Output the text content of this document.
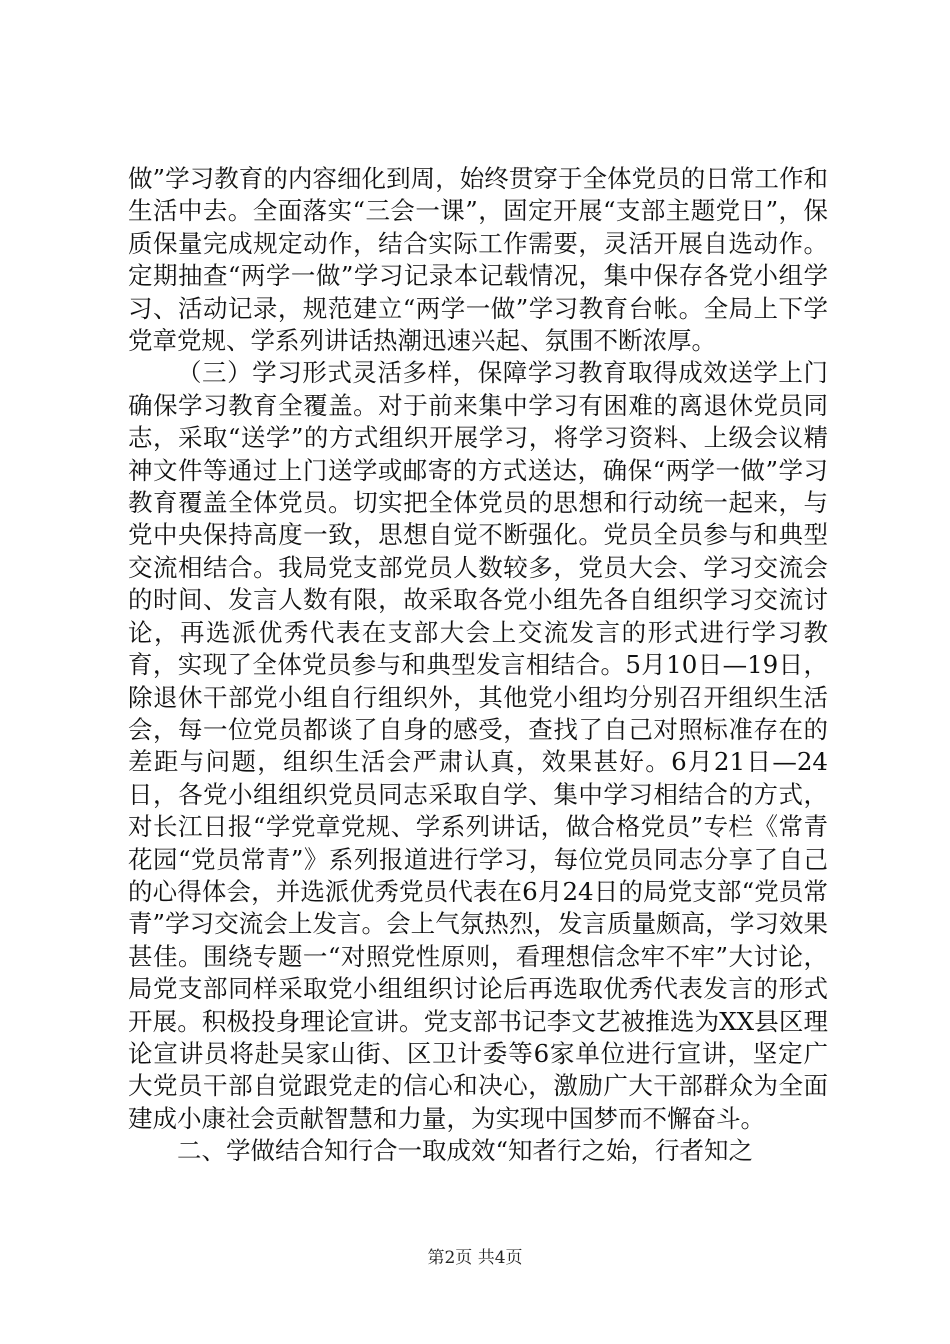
做”学习教育的内容细化到周，始终贯穿于全体党员的日常工作和生活中去。全面落实“三会一课”，固定开展“支部主题党日”，保质保量完成规定动作，结合实际工作需要，灵活开展自选动作。定期抽查“两学一做”学习记录本记载情况，集中保存各党小组学习、活动记录，规范建立“两学一做”学习教育台帐。全局上下学党章党规、学系列讲话热潮迅速兴起、氛围不断浓厚。

（三）学习形式灵活多样，保障学习教育取得成效送学上门确保学习教育全覆盖。对于前来集中学习有困难的离退休党员同志，采取“送学”的方式组织开展学习，将学习资料、上级会议精神文件等通过上门送学或邮寄的方式送达，确保“两学一做”学习教育覆盖全体党员。切实把全体党员的思想和行动统一起来，与党中央保持高度一致，思想自觉不断强化。党员全员参与和典型交流相结合。我局党支部党员人数较多，党员大会、学习交流会的时间、发言人数有限，故采取各党小组先各自组织学习交流讨论，再选派优秀代表在支部大会上交流发言的形式进行学习教育，实现了全体党员参与和典型发言相结合。5月10日—19日，除退休干部党小组自行组织外，其他党小组均分别召开组织生活会，每一位党员都谈了自身的感受，查找了自己对照标准存在的差距与问题，组织生活会严肃认真，效果甚好。6月21日—24日，各党小组组织党员同志采取自学、集中学习相结合的方式，对长江日报“学党章党规、学系列讲话，做合格党员”专栏《常青花园“党员常青”》系列报道进行学习，每位党员同志分享了自己的心得体会，并选派优秀党员代表在6月24日的局党支部“党员常青”学习交流会上发言。会上气氛热烈，发言质量颇高，学习效果甚佳。围绕专题一“对照党性原则，看理想信念牢不牢”大讨论，局党支部同样采取党小组组织讨论后再选取优秀代表发言的形式开展。积极投身理论宣讲。党支部书记李文艺被推选为XX县区理论宣讲员将赴吴家山街、区卫计委等6家单位进行宣讲，坚定广大党员干部自觉跟党走的信心和决心，激励广大干部群众为全面建成小康社会贡献智慧和力量，为实现中国梦而不懈奋斗。

二、学做结合知行合一取成效“知者行之始，行者知之

第2页 共4页
